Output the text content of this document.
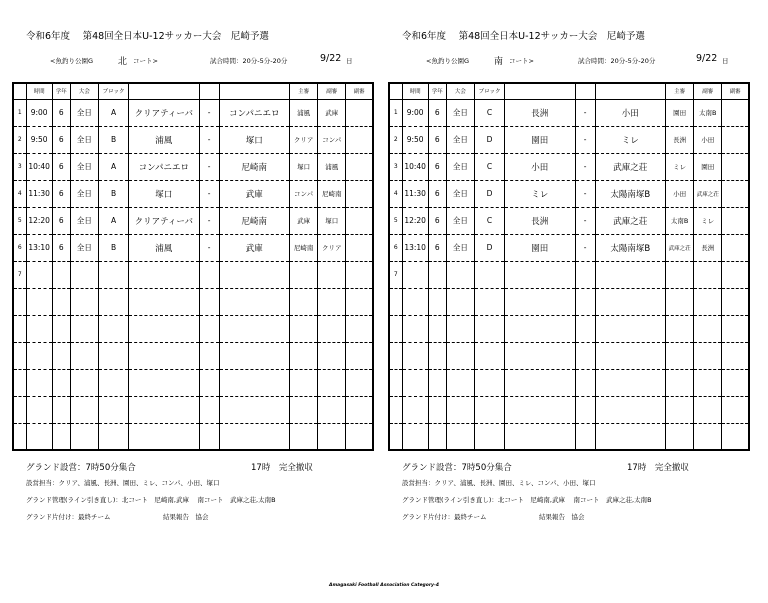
令和6年度　 第48回全日本U-12サッカー大会　尼崎予選
<魚釣り公園G	北 コート>	試合時間：20分-5分-20分	9/22 日
	時間	学年	大会	ブロック				主審	副審	副審
1	9:00	6	全日	A	クリアティーバ	-	コンパニエロ	浦風	武庫	
2	9:50	6	全日	B	浦風	-	塚口	クリア	コンパ	
3	10:40	6	全日	A	コンパニエロ	-	尼崎南	塚口	浦風	
4	11:30	6	全日	B	塚口	-	武庫	コンパ	尼崎南	
5	12:20	6	全日	A	クリアティーバ	-	尼崎南	武庫	塚口	
6	13:10	6	全日	B	浦風	-	武庫	尼崎南	クリア	
7										

グランド設営：7時50分集合	17時　完全撤収
設営担当：クリア、浦風、長洲、園田、ミレ、コンパ、小田、塚口
グランド管理(ライン引き直し)：北コート　尼崎南,武庫　 南コート　武庫之荘,太南B
グランド片付け：最終チーム	結果報告　協会
令和6年度　 第48回全日本U-12サッカー大会　尼崎予選
<魚釣り公園G	南 コート>	試合時間：20分-5分-20分	9/22 日
	時間	学年	大会	ブロック				主審	副審	副審
1	9:00	6	全日	C	長洲	-	小田	園田	太南B	
2	9:50	6	全日	D	園田	-	ミレ	長洲	小田	
3	10:40	6	全日	C	小田	-	武庫之荘	ミレ	園田	
4	11:30	6	全日	D	ミレ	-	太陽南塚B	小田	武庫之荘	
5	12:20	6	全日	C	長洲	-	武庫之荘	太南B	ミレ	
6	13:10	6	全日	D	園田	-	太陽南塚B	武庫之荘	長洲	
7										

グランド設営：7時50分集合	17時　完全撤収
設営担当：クリア、浦風、長洲、園田、ミレ、コンパ、小田、塚口
グランド管理(ライン引き直し)：北コート　尼崎南,武庫　 南コート　武庫之荘,太南B
グランド片付け：最終チーム	結果報告　協会
Amagasaki Football Association Category-4
